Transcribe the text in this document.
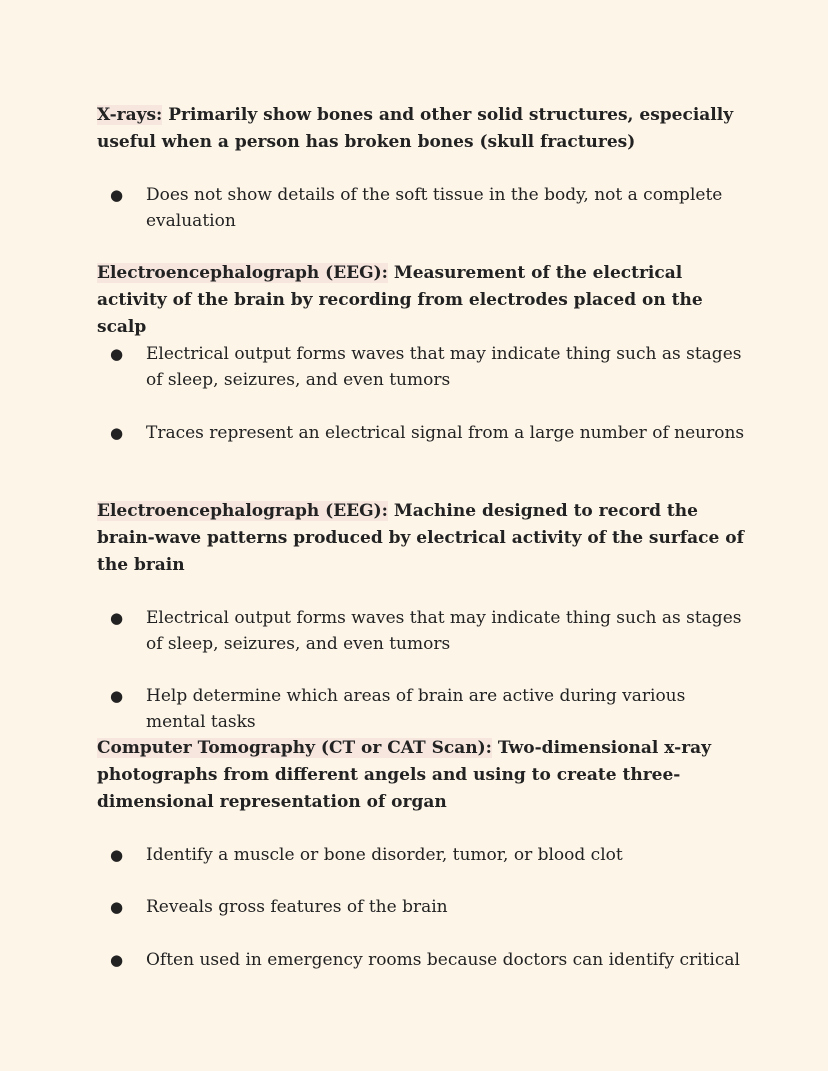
X-rays: Primarily show bones and other solid structures, especially useful when a person has broken bones (skull fractures)
● Does not show details of the soft tissue in the body, not a complete evaluation
Electroencephalograph (EEG): Measurement of the electrical activity of the brain by recording from electrodes placed on the scalp
● Electrical output forms waves that may indicate thing such as stages of sleep, seizures, and even tumors
● Traces represent an electrical signal from a large number of neurons
Electroencephalograph (EEG): Machine designed to record the brain-wave patterns produced by electrical activity of the surface of the brain
● Electrical output forms waves that may indicate thing such as stages of sleep, seizures, and even tumors
● Help determine which areas of brain are active during various mental tasks
Computer Tomography (CT or CAT Scan): Two-dimensional x-ray photographs from different angels and using to create three-dimensional representation of organ
● Identify a muscle or bone disorder, tumor, or blood clot
● Reveals gross features of the brain
● Often used in emergency rooms because doctors can identify critical
